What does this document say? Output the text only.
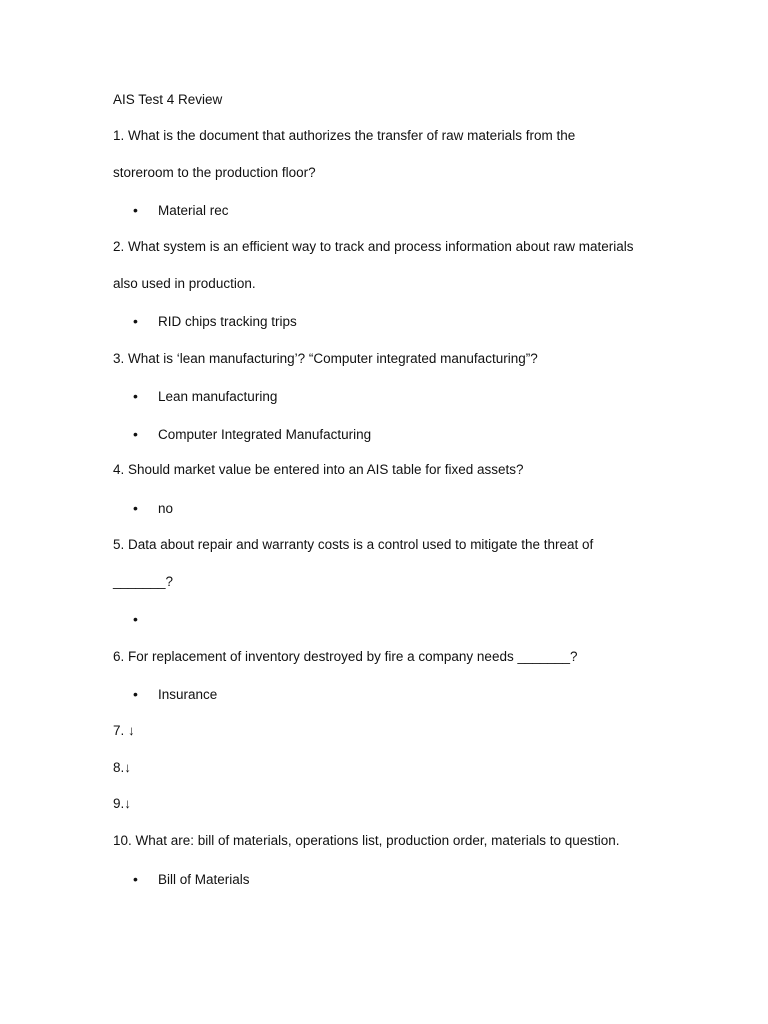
AIS Test 4 Review

1. What is the document that authorizes the transfer of raw materials from the

storeroom to the production floor?

• Material rec

2. What system is an efficient way to track and process information about raw materials

also used in production.

• RID chips tracking trips

3. What is ‘lean manufacturing’? “Computer integrated manufacturing”?

• Lean manufacturing
• Computer Integrated Manufacturing

4. Should market value be entered into an AIS table for fixed assets?

• no

5. Data about repair and warranty costs is a control used to mitigate the threat of

_______?

•

6. For replacement of inventory destroyed by fire a company needs _______?

• Insurance

7. ↓

8.↓

9.↓

10. What are: bill of materials, operations list, production order, materials to question.

• Bill of Materials
